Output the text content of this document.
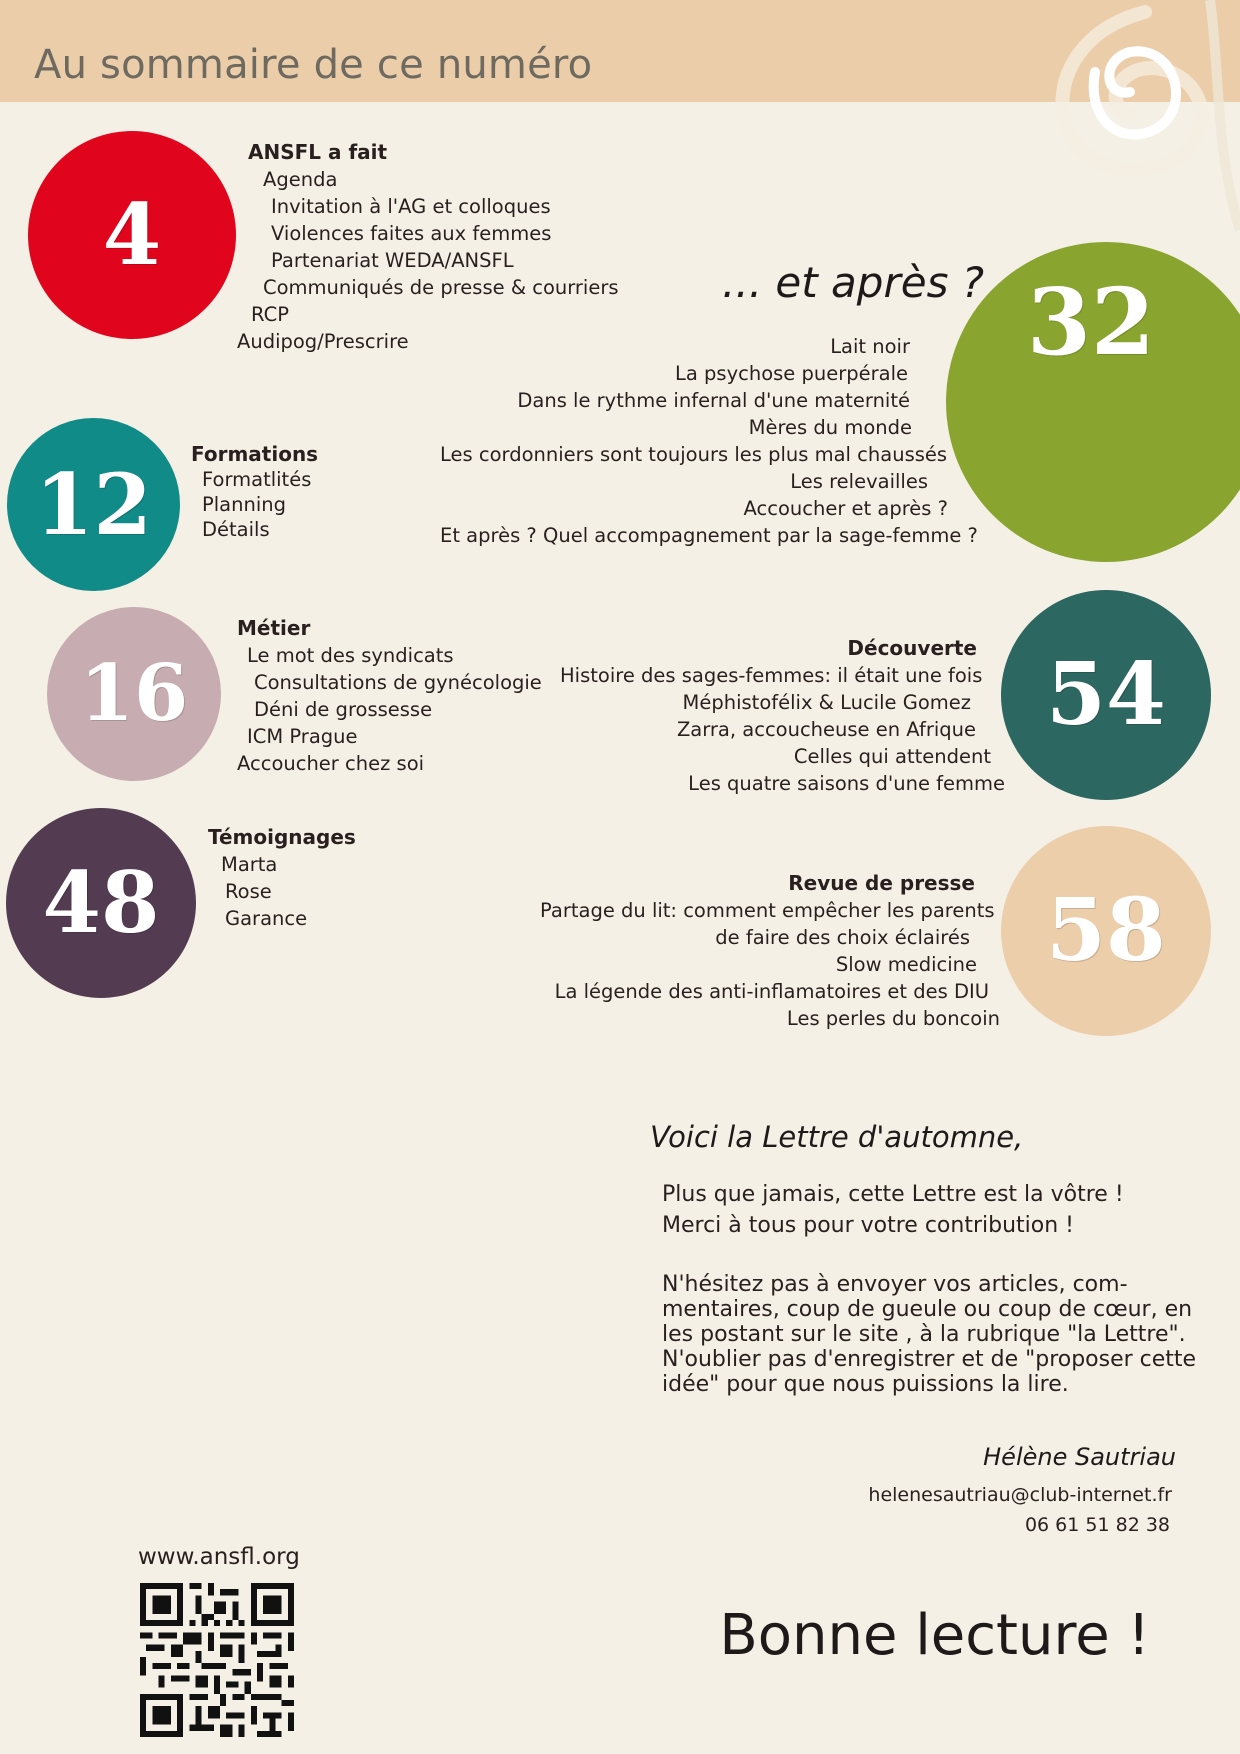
Au sommaire de ce numéro
4
12
16
48
32
54
58
ANSFL a fait
Agenda
Invitation à l'AG et colloques
Violences faites aux femmes
Partenariat WEDA/ANSFL
Communiqués de presse & courriers
RCP
Audipog/Prescrire
Formations
Formatlités
Planning
Détails
Métier
Le mot des syndicats
Consultations de gynécologie
Déni de grossesse
ICM Prague
Accoucher chez soi
Témoignages
Marta
Rose
Garance
... et après ?
Lait noir
La psychose puerpérale
Dans le rythme infernal d'une maternité
Mères du monde
Les cordonniers sont toujours les plus mal chaussés
Les relevailles
Accoucher et après ?
Et après ? Quel accompagnement par la sage-femme ?
Découverte
Histoire des sages-femmes: il était une fois
Méphistofélix & Lucile Gomez
Zarra, accoucheuse en Afrique
Celles qui attendent
Les quatre saisons d'une femme
Revue de presse
Partage du lit: comment empêcher les parents
de faire des choix éclairés
Slow medicine
La légende des anti-inflamatoires et des DIU
Les perles du boncoin
Voici la Lettre d'automne,
Plus que jamais, cette Lettre est la vôtre !
Merci à tous pour votre contribution !
N'hésitez pas à envoyer vos articles, com-
mentaires, coup de gueule ou coup de cœur, en
les postant sur le site , à la rubrique "la Lettre".
N'oublier pas d'enregistrer et de "proposer cette
idée" pour que nous puissions la lire.
Hélène Sautriau
helenesautriau@club-internet.fr
06 61 51 82 38
Bonne lecture !
www.ansfl.org
